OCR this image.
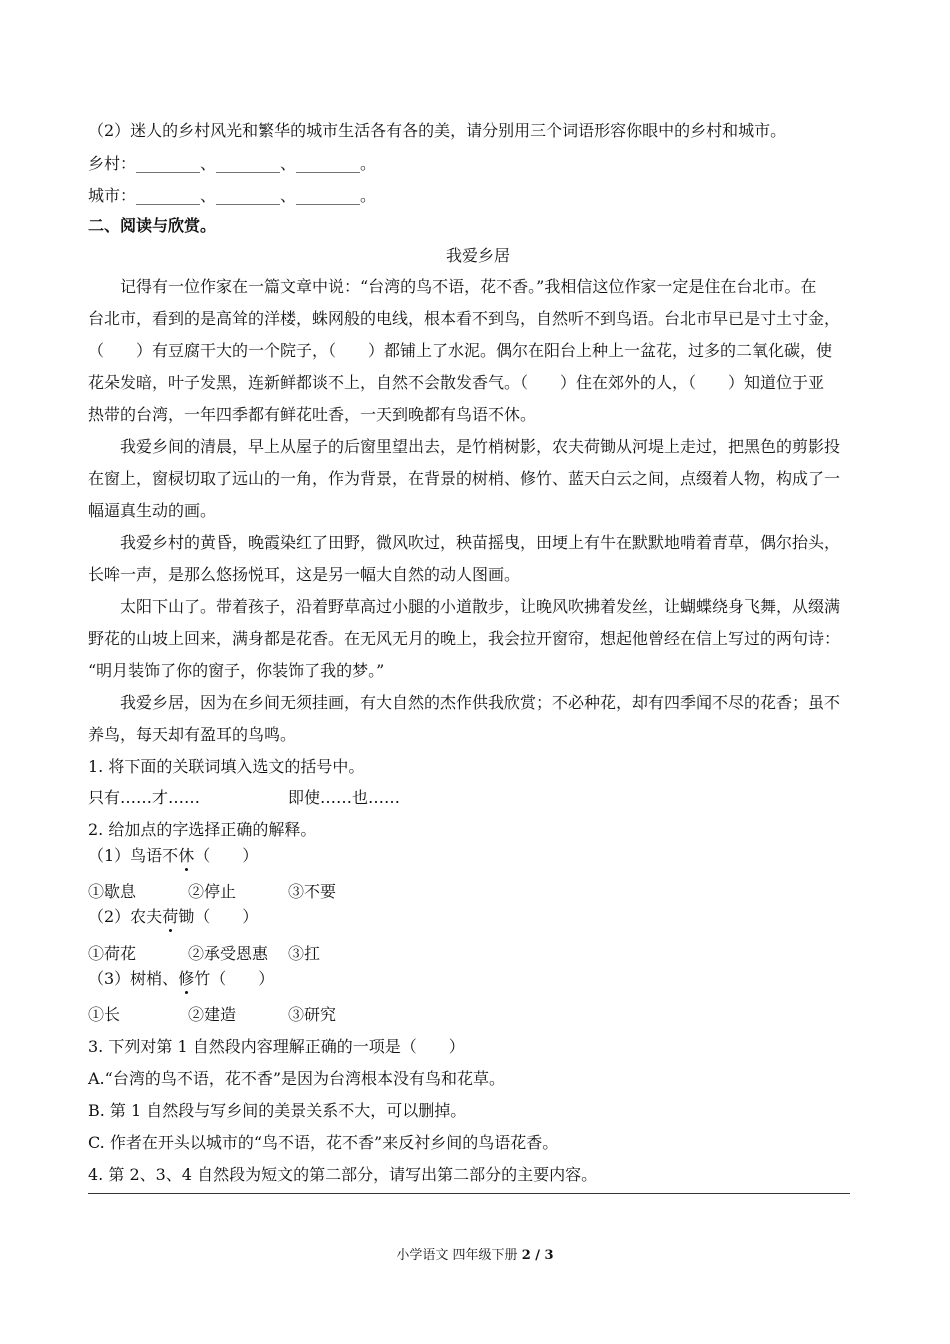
（2）迷人的乡村风光和繁华的城市生活各有各的美，请分别用三个词语形容你眼中的乡村和城市。

乡村：________、________、________。

城市：________、________、________。

二、阅读与欣赏。

我爱乡居

记得有一位作家在一篇文章中说：“台湾的鸟不语，花不香。”我相信这位作家一定是住在台北市。在

台北市，看到的是高耸的洋楼，蛛网般的电线，根本看不到鸟，自然听不到鸟语。台北市早已是寸土寸金，

（　　）有豆腐干大的一个院子，（　　）都铺上了水泥。偶尔在阳台上种上一盆花，过多的二氧化碳，使

花朵发暗，叶子发黑，连新鲜都谈不上，自然不会散发香气。（　　）住在郊外的人，（　　）知道位于亚

热带的台湾，一年四季都有鲜花吐香，一天到晚都有鸟语不休。

我爱乡间的清晨，早上从屋子的后窗里望出去，是竹梢树影，农夫荷锄从河堤上走过，把黑色的剪影投

在窗上，窗棂切取了远山的一角，作为背景，在背景的树梢、修竹、蓝天白云之间，点缀着人物，构成了一

幅逼真生动的画。

我爱乡村的黄昏，晚霞染红了田野，微风吹过，秧苗摇曳，田埂上有牛在默默地啃着青草，偶尔抬头，

长哞一声，是那么悠扬悦耳，这是另一幅大自然的动人图画。

太阳下山了。带着孩子，沿着野草高过小腿的小道散步，让晚风吹拂着发丝，让蝴蝶绕身飞舞，从缀满

野花的山坡上回来，满身都是花香。在无风无月的晚上，我会拉开窗帘，想起他曾经在信上写过的两句诗：

“明月装饰了你的窗子，你装饰了我的梦。”

我爱乡居，因为在乡间无须挂画，有大自然的杰作供我欣赏；不必种花，却有四季闻不尽的花香；虽不

养鸟，每天却有盈耳的鸟鸣。

1. 将下面的关联词填入选文的括号中。

只有……才……	即使……也……

2. 给加点的字选择正确的解释。

（1）鸟语不休（　　）

①歇息	②停止	③不要

（2）农夫荷锄（　　）

①荷花	②承受恩惠 ③扛

（3）树梢、修竹（　　）

①长	②建造	③研究

3. 下列对第 1 自然段内容理解正确的一项是（　　）

A.“台湾的鸟不语，花不香”是因为台湾根本没有鸟和花草。

B. 第 1 自然段与写乡间的美景关系不大，可以删掉。

C. 作者在开头以城市的“鸟不语，花不香”来反衬乡间的鸟语花香。

4. 第 2、3、4 自然段为短文的第二部分，请写出第二部分的主要内容。

小学语文 四年级下册 2 / 3
